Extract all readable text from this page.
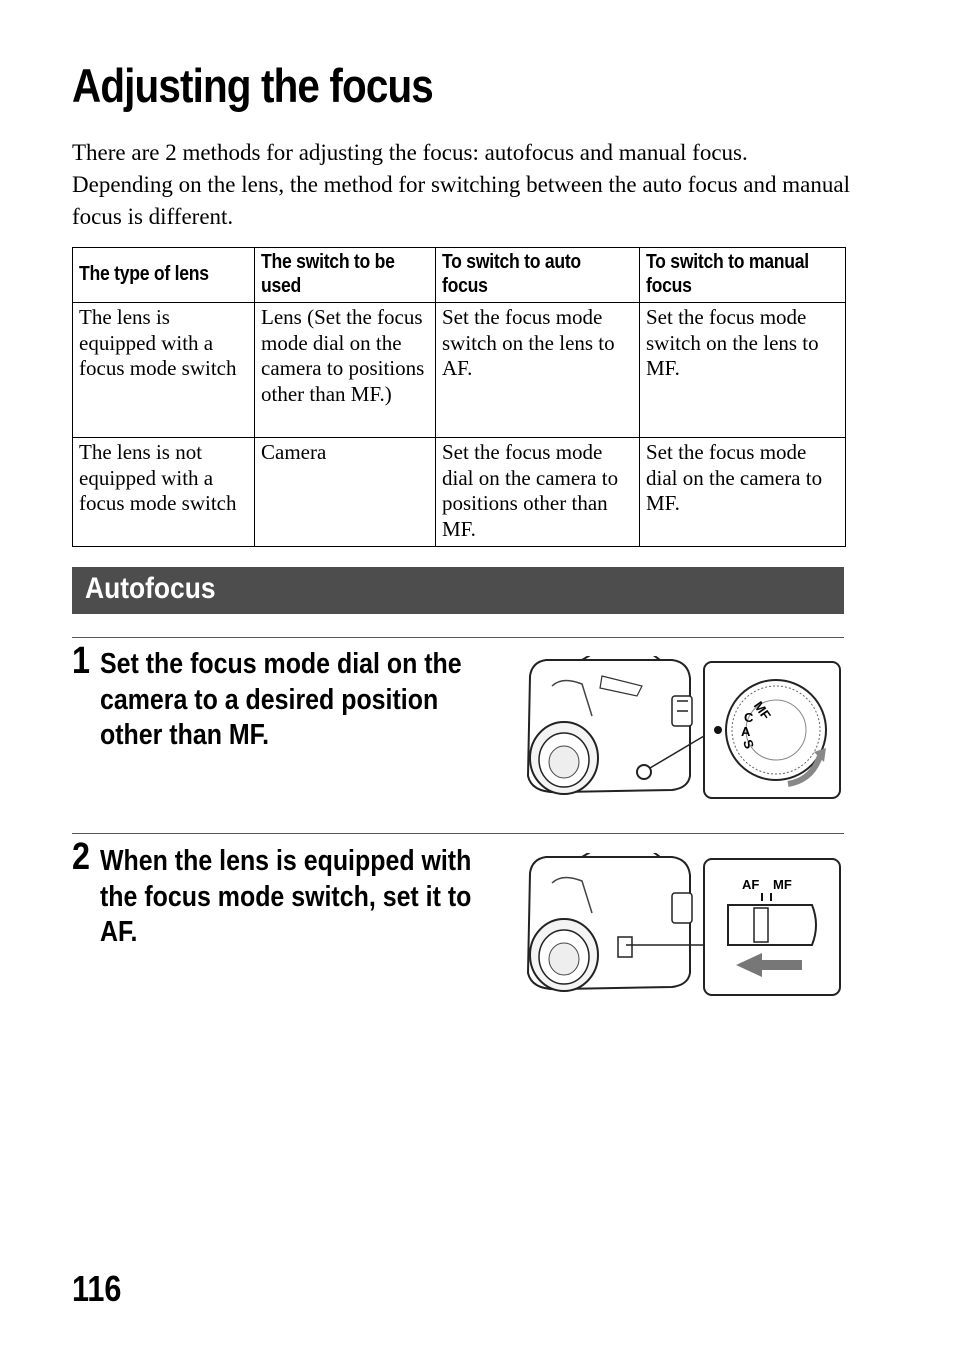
Adjusting the focus

There are 2 methods for adjusting the focus: autofocus and manual focus. Depending on the lens, the method for switching between the auto focus and manual focus is different.

The type of lens	The switch to be used	To switch to auto focus	To switch to manual focus
The lens is equipped with a focus mode switch	Lens (Set the focus mode dial on the camera to positions other than MF.)	Set the focus mode switch on the lens to AF.	Set the focus mode switch on the lens to MF.
The lens is not equipped with a focus mode switch	Camera	Set the focus mode dial on the camera to positions other than MF.	Set the focus mode dial on the camera to MF.
Autofocus
1 Set the focus mode dial on the camera to a desired position other than MF.
MF
C
A
S
2 When the lens is equipped with the focus mode switch, set it to AF.
AF MF
116
